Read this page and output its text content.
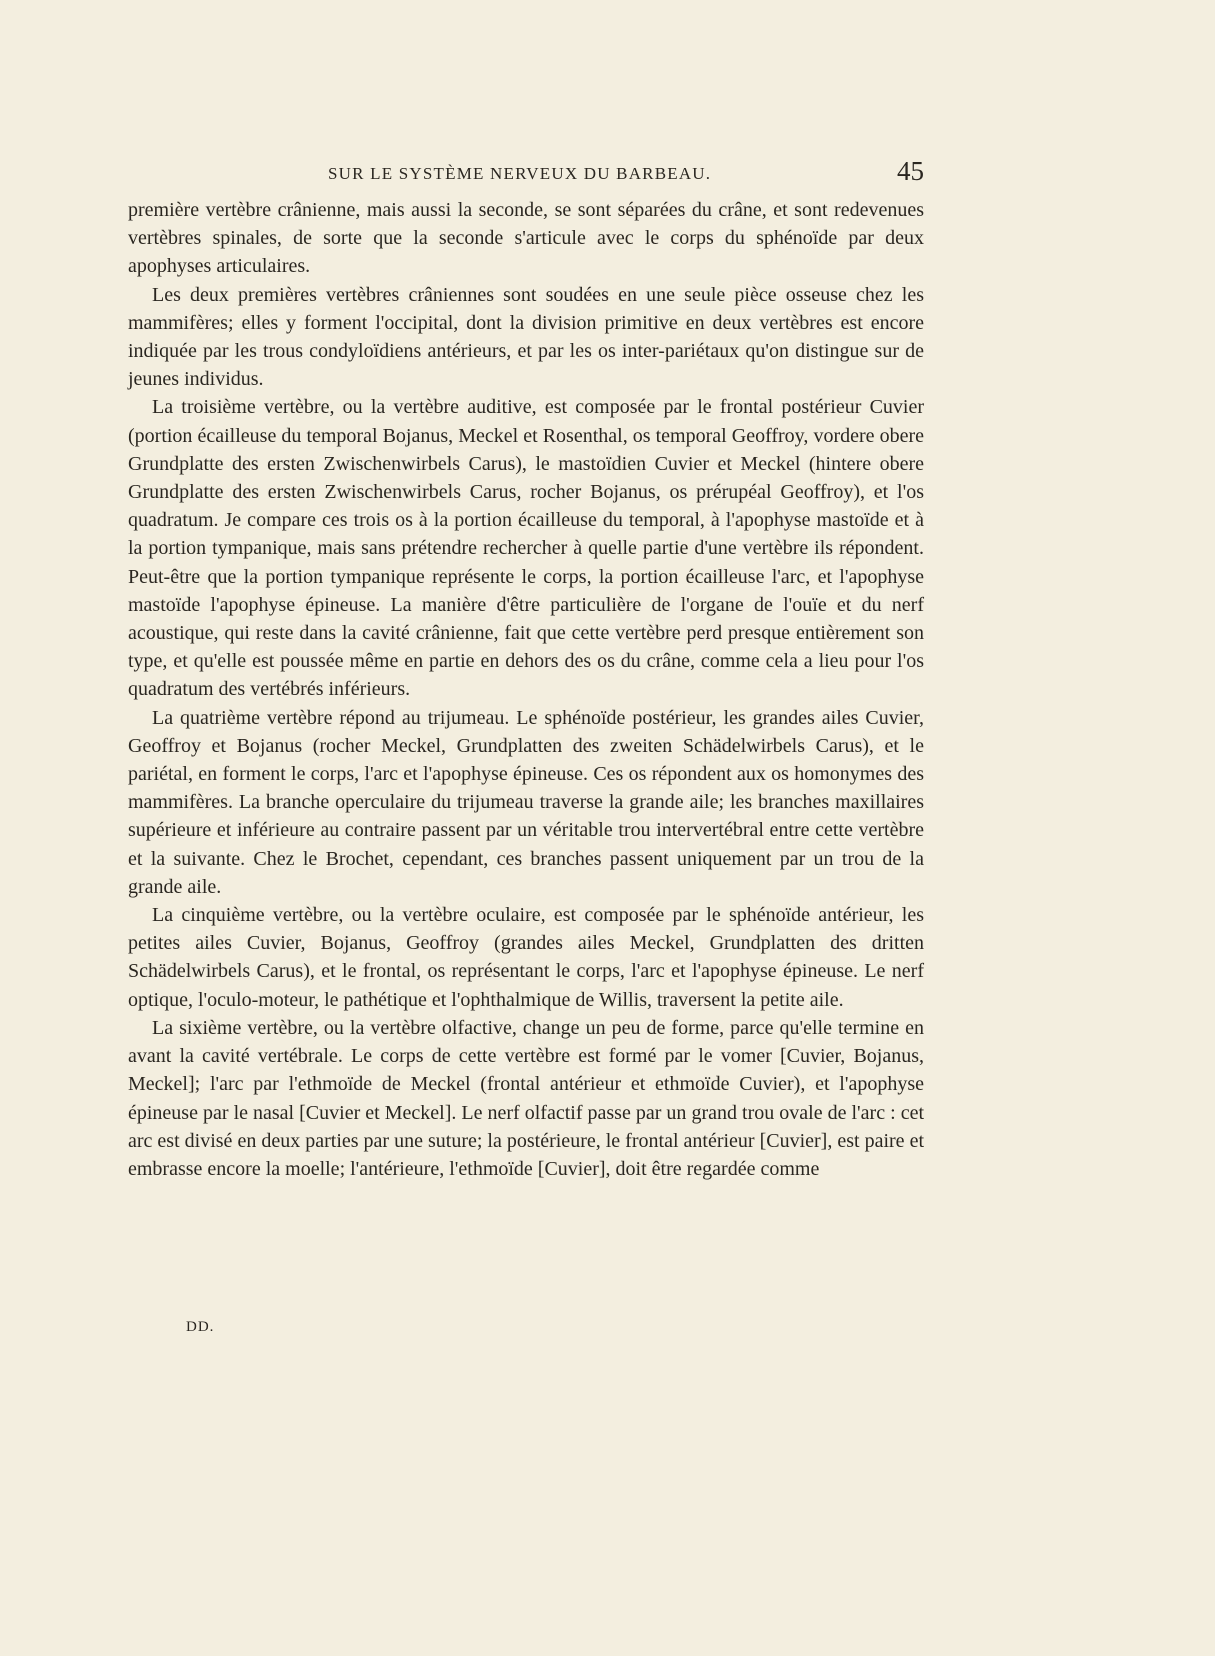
SUR LE SYSTÈME NERVEUX DU BARBEAU.	45

première vertèbre crânienne, mais aussi la seconde, se sont séparées du crâne, et sont redevenues vertèbres spinales, de sorte que la seconde s'articule avec le corps du sphénoïde par deux apophyses articulaires.

Les deux premières vertèbres crâniennes sont soudées en une seule pièce osseuse chez les mammifères; elles y forment l'occipital, dont la division primitive en deux vertèbres est encore indiquée par les trous condyloïdiens antérieurs, et par les os inter-pariétaux qu'on distingue sur de jeunes individus.

La troisième vertèbre, ou la vertèbre auditive, est composée par le frontal postérieur Cuvier (portion écailleuse du temporal Bojanus, Meckel et Rosenthal, os temporal Geoffroy, vordere obere Grundplatte des ersten Zwischenwirbels Carus), le mastoïdien Cuvier et Meckel (hintere obere Grundplatte des ersten Zwischenwirbels Carus, rocher Bojanus, os prérupéal Geoffroy), et l'os quadratum. Je compare ces trois os à la portion écailleuse du temporal, à l'apophyse mastoïde et à la portion tympanique, mais sans prétendre rechercher à quelle partie d'une vertèbre ils répondent. Peut-être que la portion tympanique représente le corps, la portion écailleuse l'arc, et l'apophyse mastoïde l'apophyse épineuse. La manière d'être particulière de l'organe de l'ouïe et du nerf acoustique, qui reste dans la cavité crânienne, fait que cette vertèbre perd presque entièrement son type, et qu'elle est poussée même en partie en dehors des os du crâne, comme cela a lieu pour l'os quadratum des vertébrés inférieurs.

La quatrième vertèbre répond au trijumeau. Le sphénoïde postérieur, les grandes ailes Cuvier, Geoffroy et Bojanus (rocher Meckel, Grundplatten des zweiten Schädelwirbels Carus), et le pariétal, en forment le corps, l'arc et l'apophyse épineuse. Ces os répondent aux os homonymes des mammifères. La branche operculaire du trijumeau traverse la grande aile; les branches maxillaires supérieure et inférieure au contraire passent par un véritable trou intervertébral entre cette vertèbre et la suivante. Chez le Brochet, cependant, ces branches passent uniquement par un trou de la grande aile.

La cinquième vertèbre, ou la vertèbre oculaire, est composée par le sphénoïde antérieur, les petites ailes Cuvier, Bojanus, Geoffroy (grandes ailes Meckel, Grundplatten des dritten Schädelwirbels Carus), et le frontal, os représentant le corps, l'arc et l'apophyse épineuse. Le nerf optique, l'oculo-moteur, le pathétique et l'ophthalmique de Willis, traversent la petite aile.

La sixième vertèbre, ou la vertèbre olfactive, change un peu de forme, parce qu'elle termine en avant la cavité vertébrale. Le corps de cette vertèbre est formé par le vomer [Cuvier, Bojanus, Meckel]; l'arc par l'ethmoïde de Meckel (frontal antérieur et ethmoïde Cuvier), et l'apophyse épineuse par le nasal [Cuvier et Meckel]. Le nerf olfactif passe par un grand trou ovale de l'arc : cet arc est divisé en deux parties par une suture; la postérieure, le frontal antérieur [Cuvier], est paire et embrasse encore la moelle; l'antérieure, l'ethmoïde [Cuvier], doit être regardée comme

DD.
